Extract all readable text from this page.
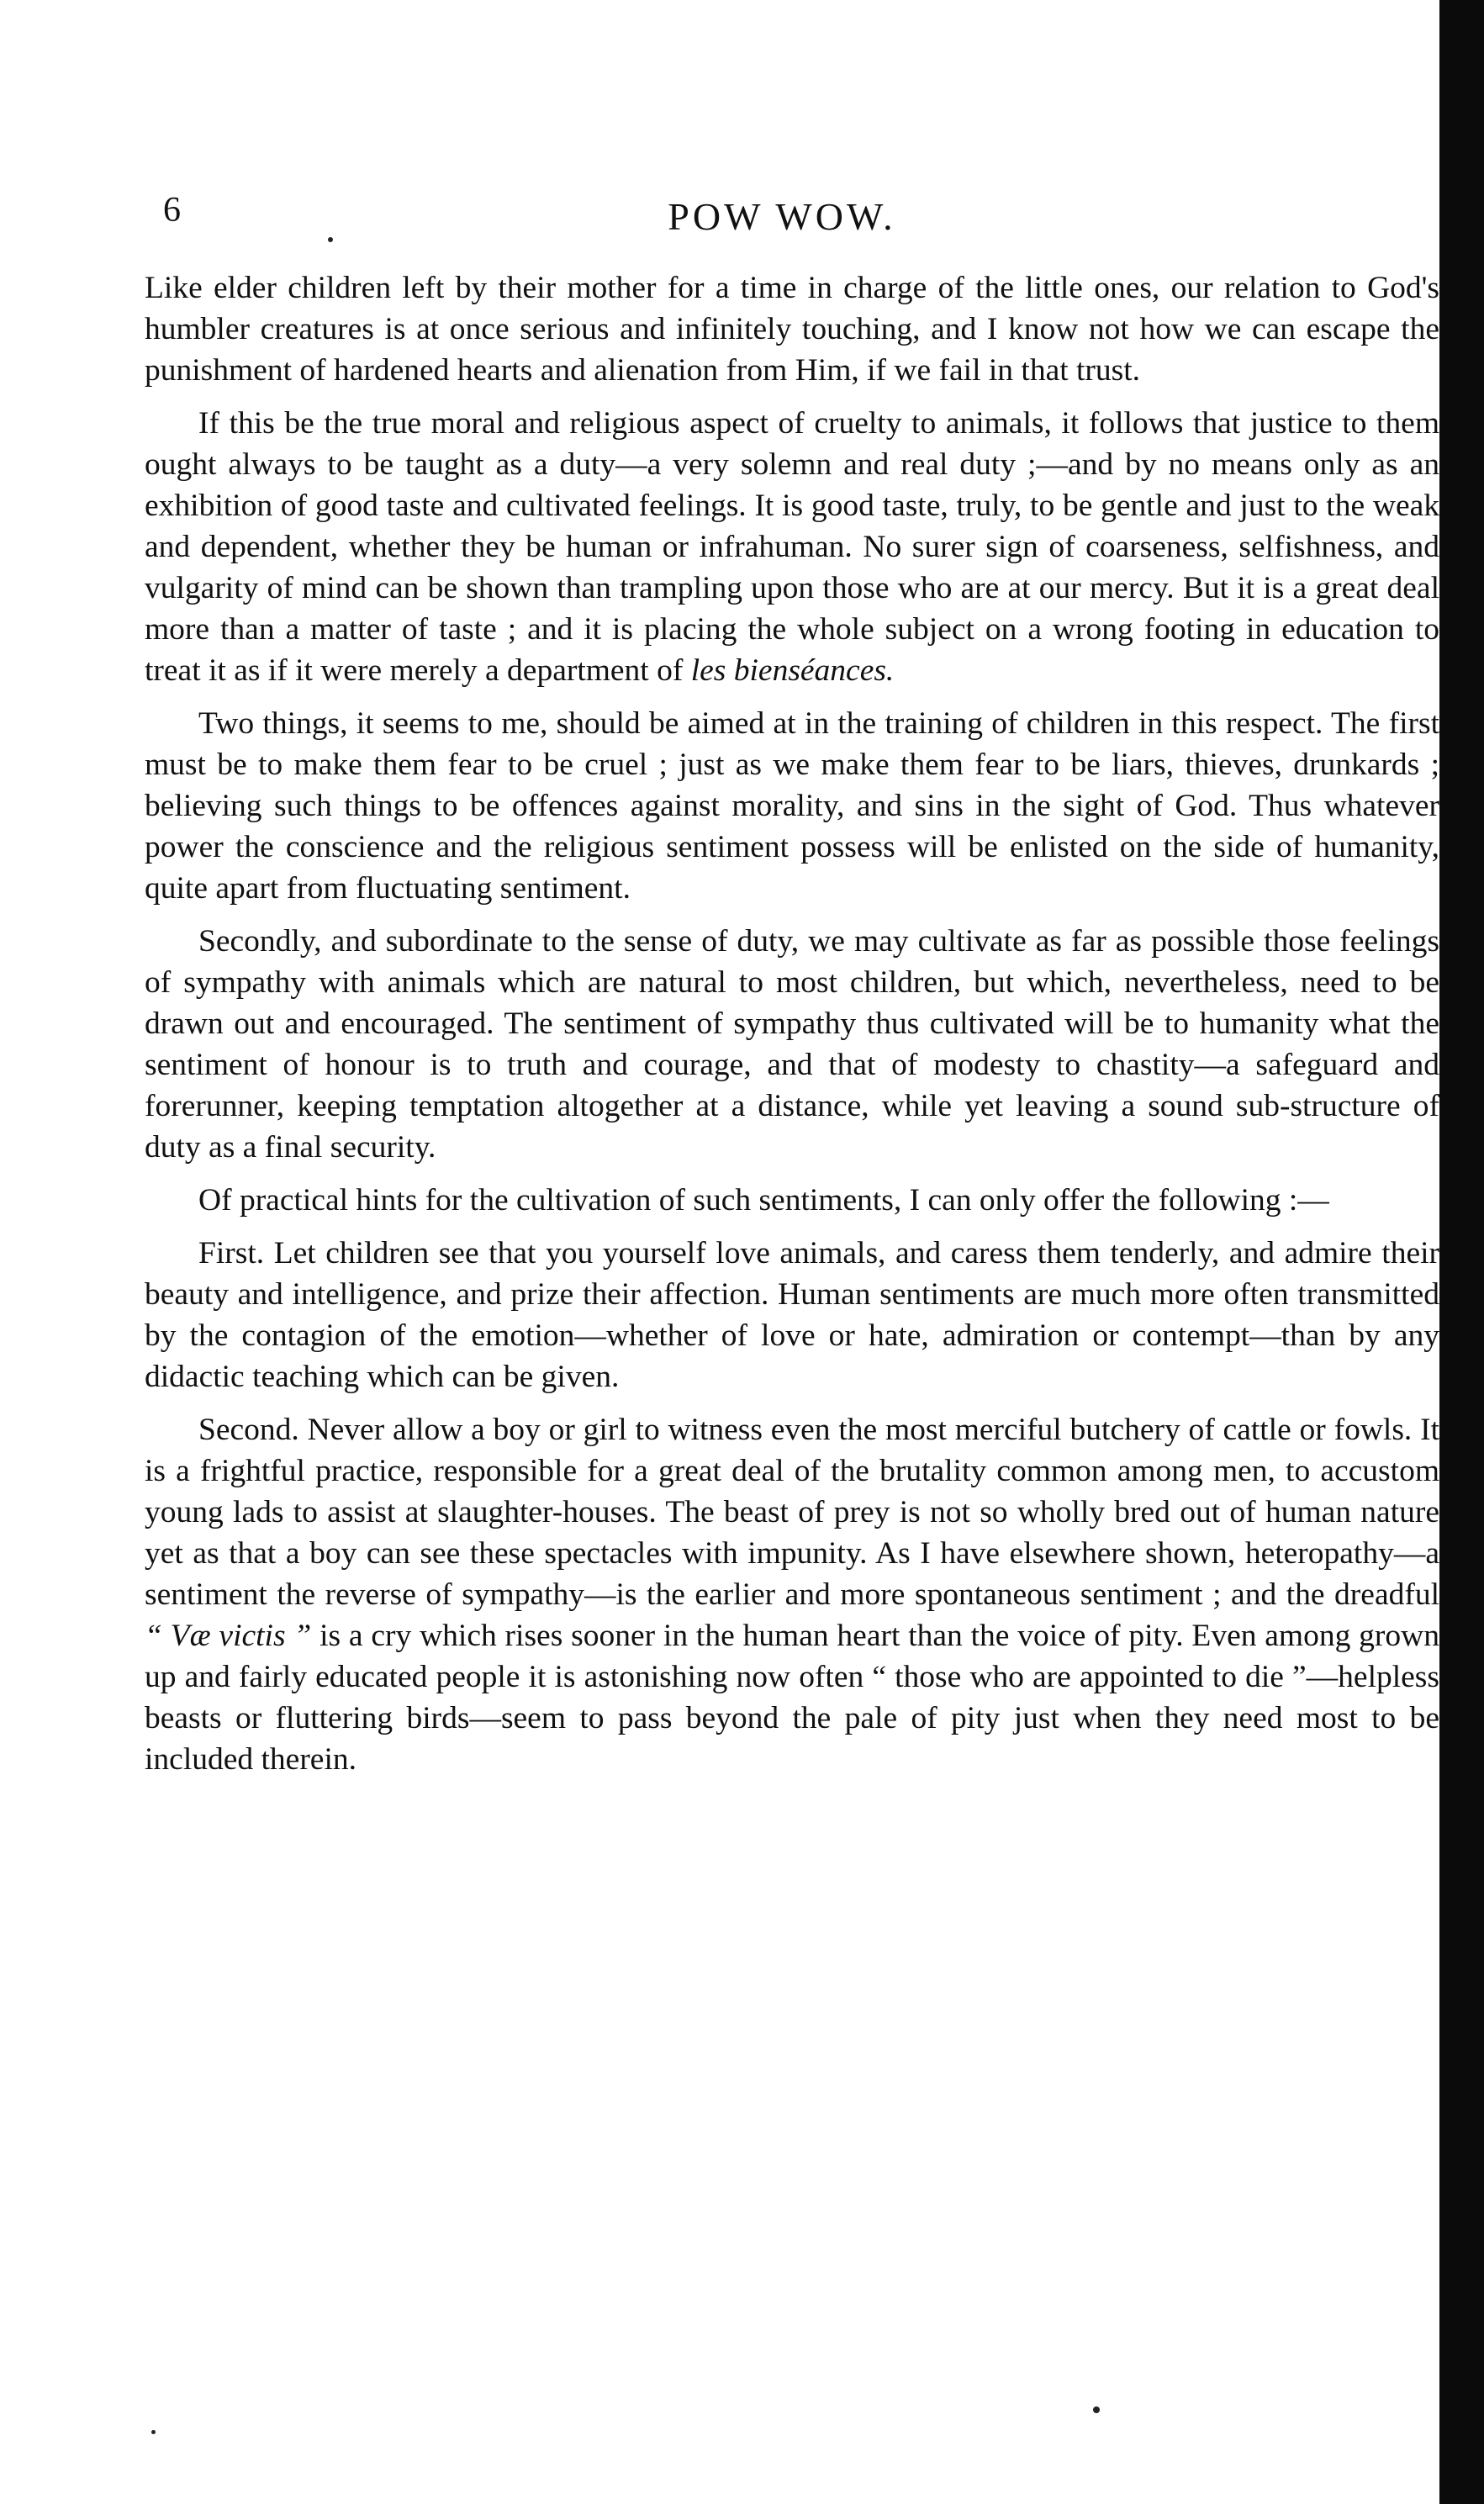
6	POW WOW.

Like elder children left by their mother for a time in charge of the little ones, our relation to God's humbler creatures is at once serious and infinitely touching, and I know not how we can escape the punishment of hardened hearts and alienation from Him, if we fail in that trust.

If this be the true moral and religious aspect of cruelty to animals, it follows that justice to them ought always to be taught as a duty—a very solemn and real duty ;—and by no means only as an exhibition of good taste and cultivated feelings. It is good taste, truly, to be gentle and just to the weak and dependent, whether they be human or infrahuman. No surer sign of coarseness, selfishness, and vulgarity of mind can be shown than trampling upon those who are at our mercy. But it is a great deal more than a matter of taste ; and it is placing the whole subject on a wrong footing in education to treat it as if it were merely a department of les bienséances.

Two things, it seems to me, should be aimed at in the training of children in this respect. The first must be to make them fear to be cruel ; just as we make them fear to be liars, thieves, drunkards ; believing such things to be offences against morality, and sins in the sight of God. Thus whatever power the conscience and the religious sentiment possess will be enlisted on the side of humanity, quite apart from fluctuating sentiment.

Secondly, and subordinate to the sense of duty, we may cultivate as far as possible those feelings of sympathy with animals which are natural to most children, but which, nevertheless, need to be drawn out and encouraged. The sentiment of sympathy thus cultivated will be to humanity what the sentiment of honour is to truth and courage, and that of modesty to chastity—a safeguard and forerunner, keeping temptation altogether at a distance, while yet leaving a sound sub-structure of duty as a final security.

Of practical hints for the cultivation of such sentiments, I can only offer the following :—

First. Let children see that you yourself love animals, and caress them tenderly, and admire their beauty and intelligence, and prize their affection. Human sentiments are much more often transmitted by the contagion of the emotion—whether of love or hate, admiration or contempt—than by any didactic teaching which can be given.

Second. Never allow a boy or girl to witness even the most merciful butchery of cattle or fowls. It is a frightful practice, responsible for a great deal of the brutality common among men, to accustom young lads to assist at slaughter-houses. The beast of prey is not so wholly bred out of human nature yet as that a boy can see these spectacles with impunity. As I have elsewhere shown, heteropathy—a sentiment the reverse of sympathy—is the earlier and more spontaneous sentiment ; and the dreadful “ Væ victis ” is a cry which rises sooner in the human heart than the voice of pity. Even among grown up and fairly educated people it is astonishing now often “ those who are appointed to die ”—helpless beasts or fluttering birds—seem to pass beyond the pale of pity just when they need most to be included therein.
